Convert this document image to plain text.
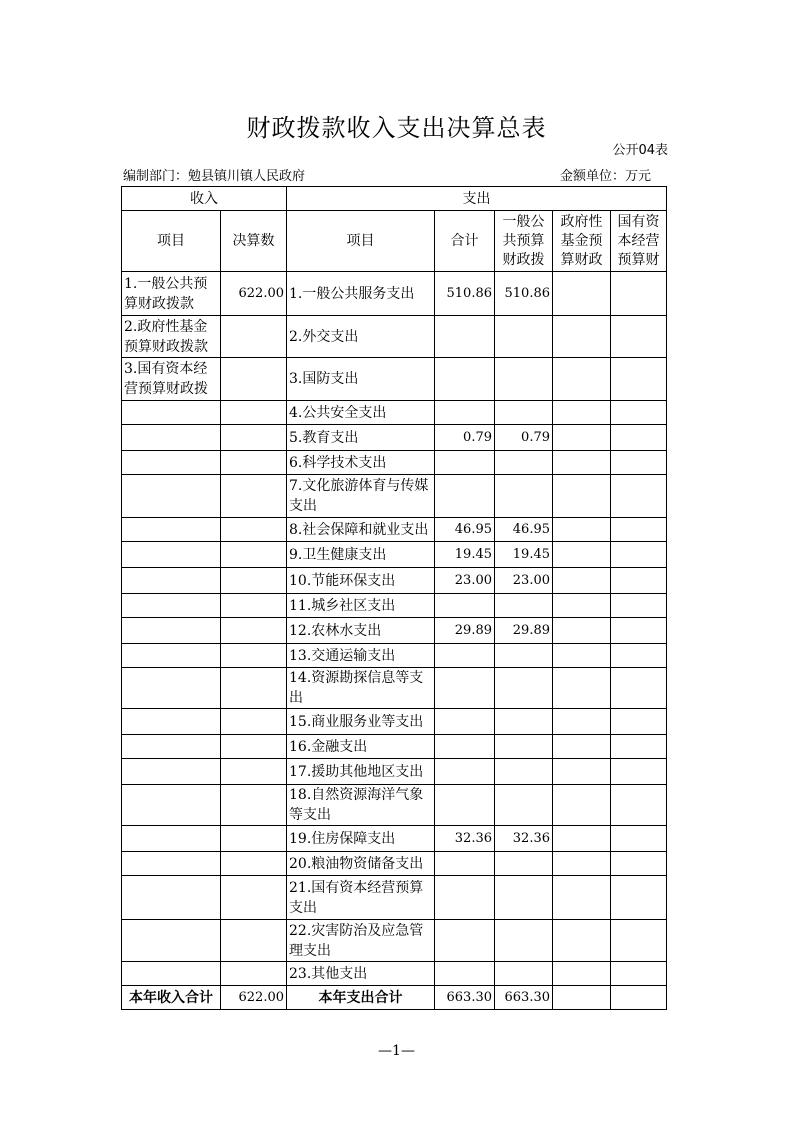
财政拨款收入支出决算总表
公开04表
编制部门：勉县镇川镇人民政府	金额单位：万元
收入		支出				
项目	决算数	项目	合计	一般公共预算财政拨	政府性基金预算财政	国有资本经营预算财
1.一般公共预算财政拨款	622.00	1.一般公共服务支出	510.86	510.86		
2.政府性基金预算财政拨款		2.外交支出				
3.国有资本经营预算财政拨		3.国防支出				
		4.公共安全支出				
		5.教育支出	0.79	0.79		
		6.科学技术支出				
		7.文化旅游体育与传媒支出				
		8.社会保障和就业支出	46.95	46.95		
		9.卫生健康支出	19.45	19.45		
		10.节能环保支出	23.00	23.00		
		11.城乡社区支出				
		12.农林水支出	29.89	29.89		
		13.交通运输支出				
		14.资源勘探信息等支出				
		15.商业服务业等支出				
		16.金融支出				
		17.援助其他地区支出				
		18.自然资源海洋气象等支出				
		19.住房保障支出	32.36	32.36		
		20.粮油物资储备支出				
		21.国有资本经营预算支出				
		22.灾害防治及应急管理支出				
		23.其他支出				
本年收入合计	622.00	本年支出合计	663.30	663.30		
—1—
